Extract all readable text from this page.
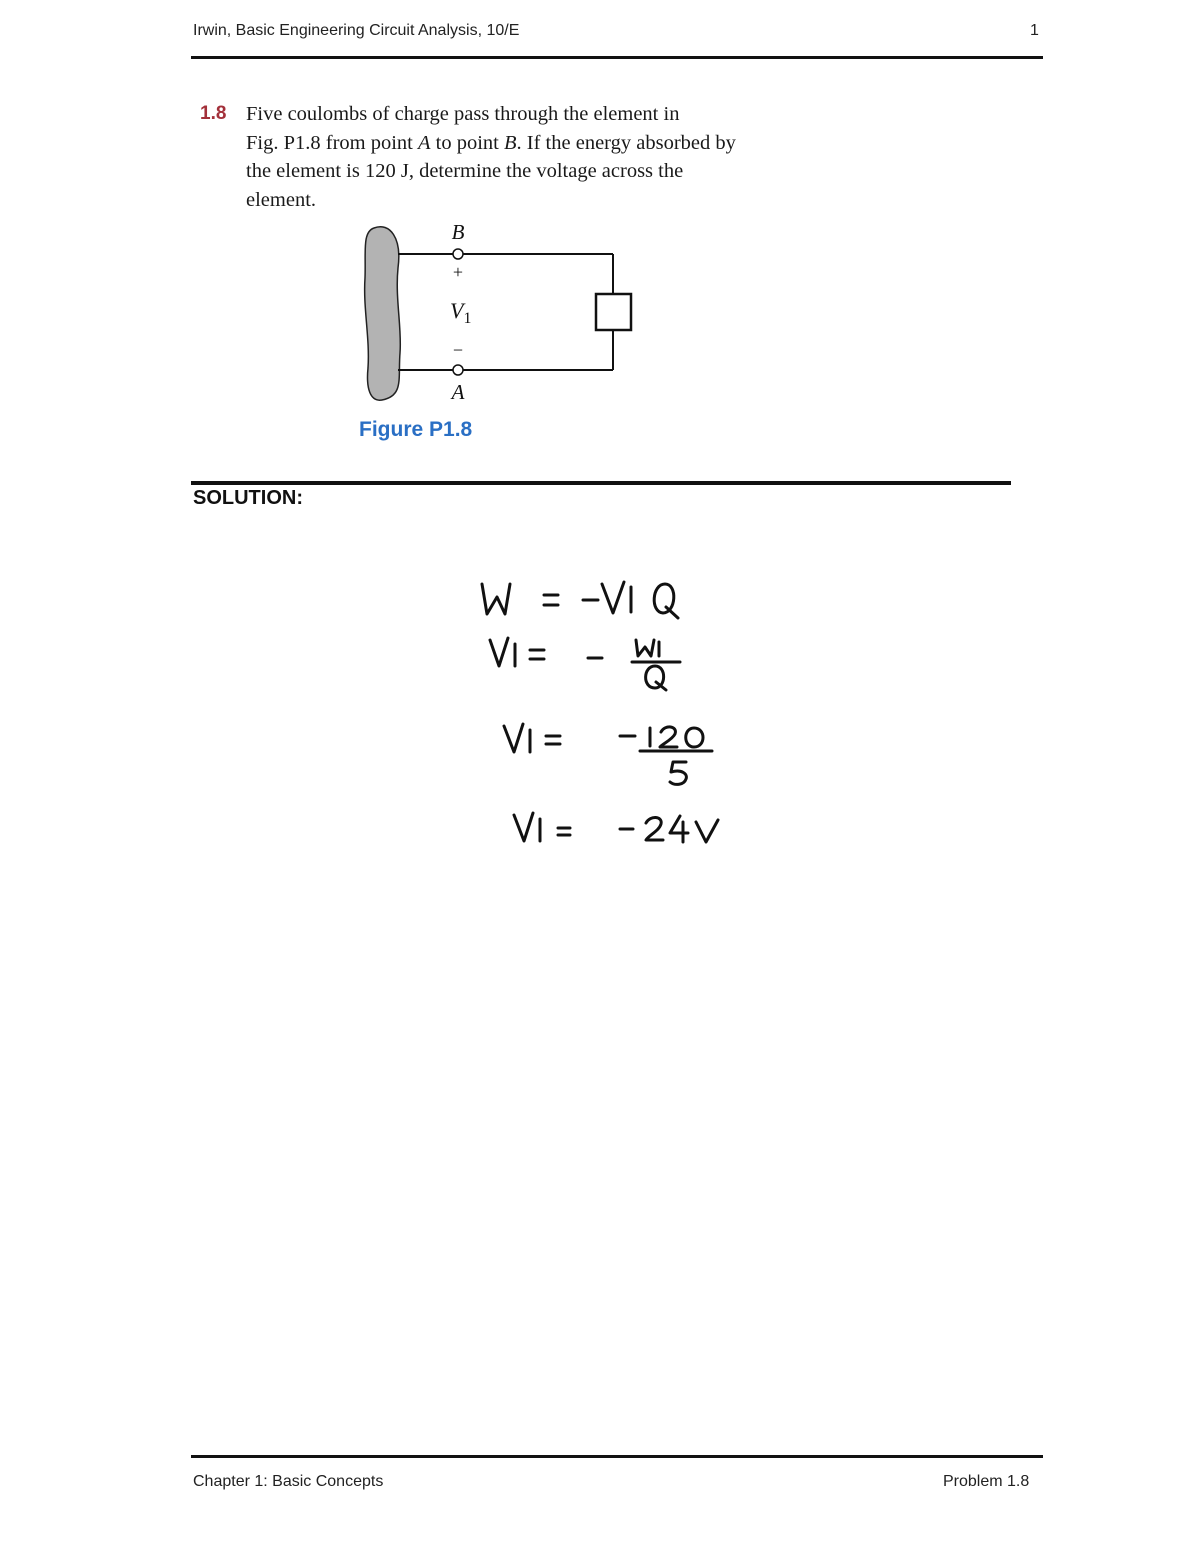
Irwin, Basic Engineering Circuit Analysis, 10/E	1
1.8 Five coulombs of charge pass through the element in
Fig. P1.8 from point A to point B. If the energy absorbed by
the element is 120 J, determine the voltage across the
element.
B
+
$V_1$
−
A
Figure P1.8
SOLUTION:
Chapter 1: Basic Concepts	Problem 1.8
